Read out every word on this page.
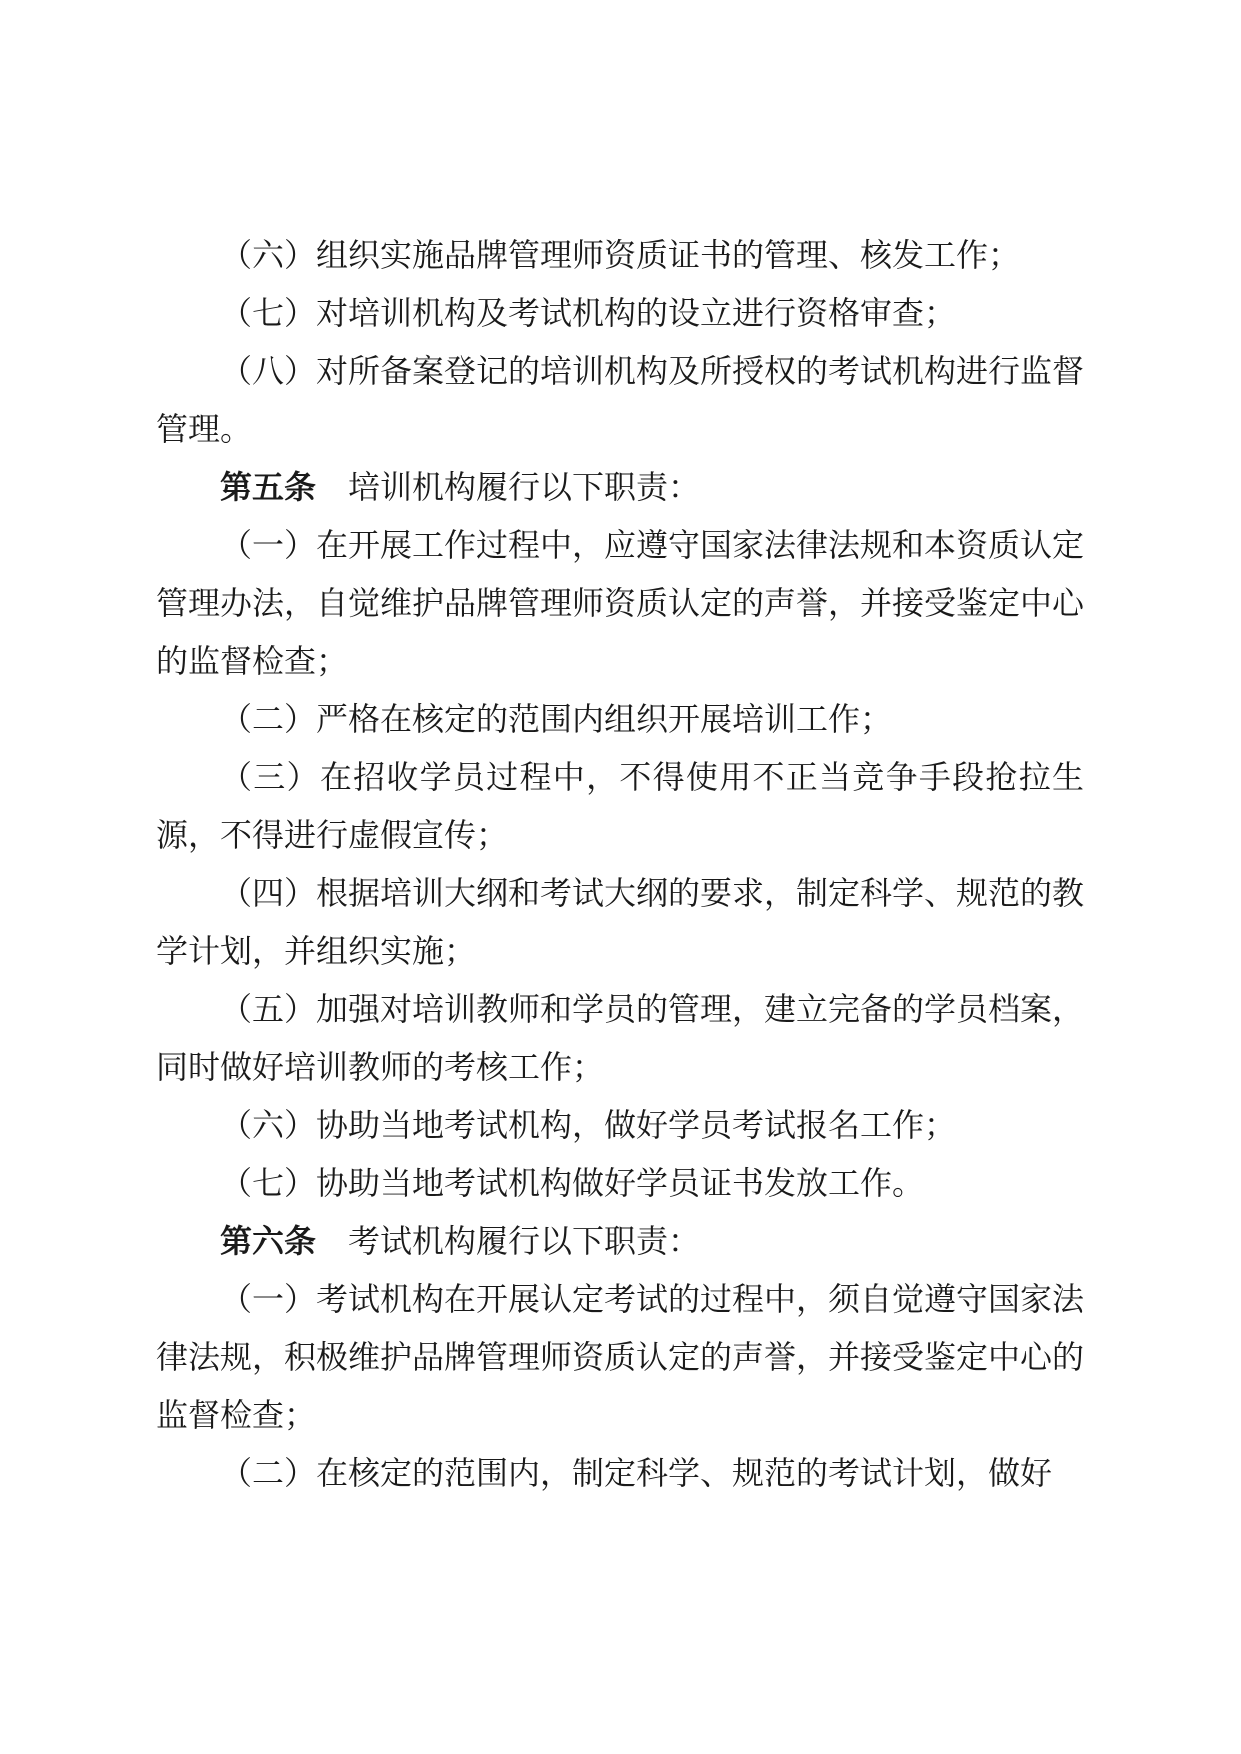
（六）组织实施品牌管理师资质证书的管理、核发工作；

（七）对培训机构及考试机构的设立进行资格审查；

（八）对所备案登记的培训机构及所授权的考试机构进行监督管理。

第五条 培训机构履行以下职责：

（一）在开展工作过程中，应遵守国家法律法规和本资质认定管理办法，自觉维护品牌管理师资质认定的声誉，并接受鉴定中心的监督检查；

（二）严格在核定的范围内组织开展培训工作；

（三）在招收学员过程中，不得使用不正当竞争手段抢拉生源，不得进行虚假宣传；

（四）根据培训大纲和考试大纲的要求，制定科学、规范的教学计划，并组织实施；

（五）加强对培训教师和学员的管理，建立完备的学员档案，同时做好培训教师的考核工作；

（六）协助当地考试机构，做好学员考试报名工作；

（七）协助当地考试机构做好学员证书发放工作。

第六条 考试机构履行以下职责：

（一）考试机构在开展认定考试的过程中，须自觉遵守国家法律法规，积极维护品牌管理师资质认定的声誉，并接受鉴定中心的监督检查；

（二）在核定的范围内，制定科学、规范的考试计划，做好
